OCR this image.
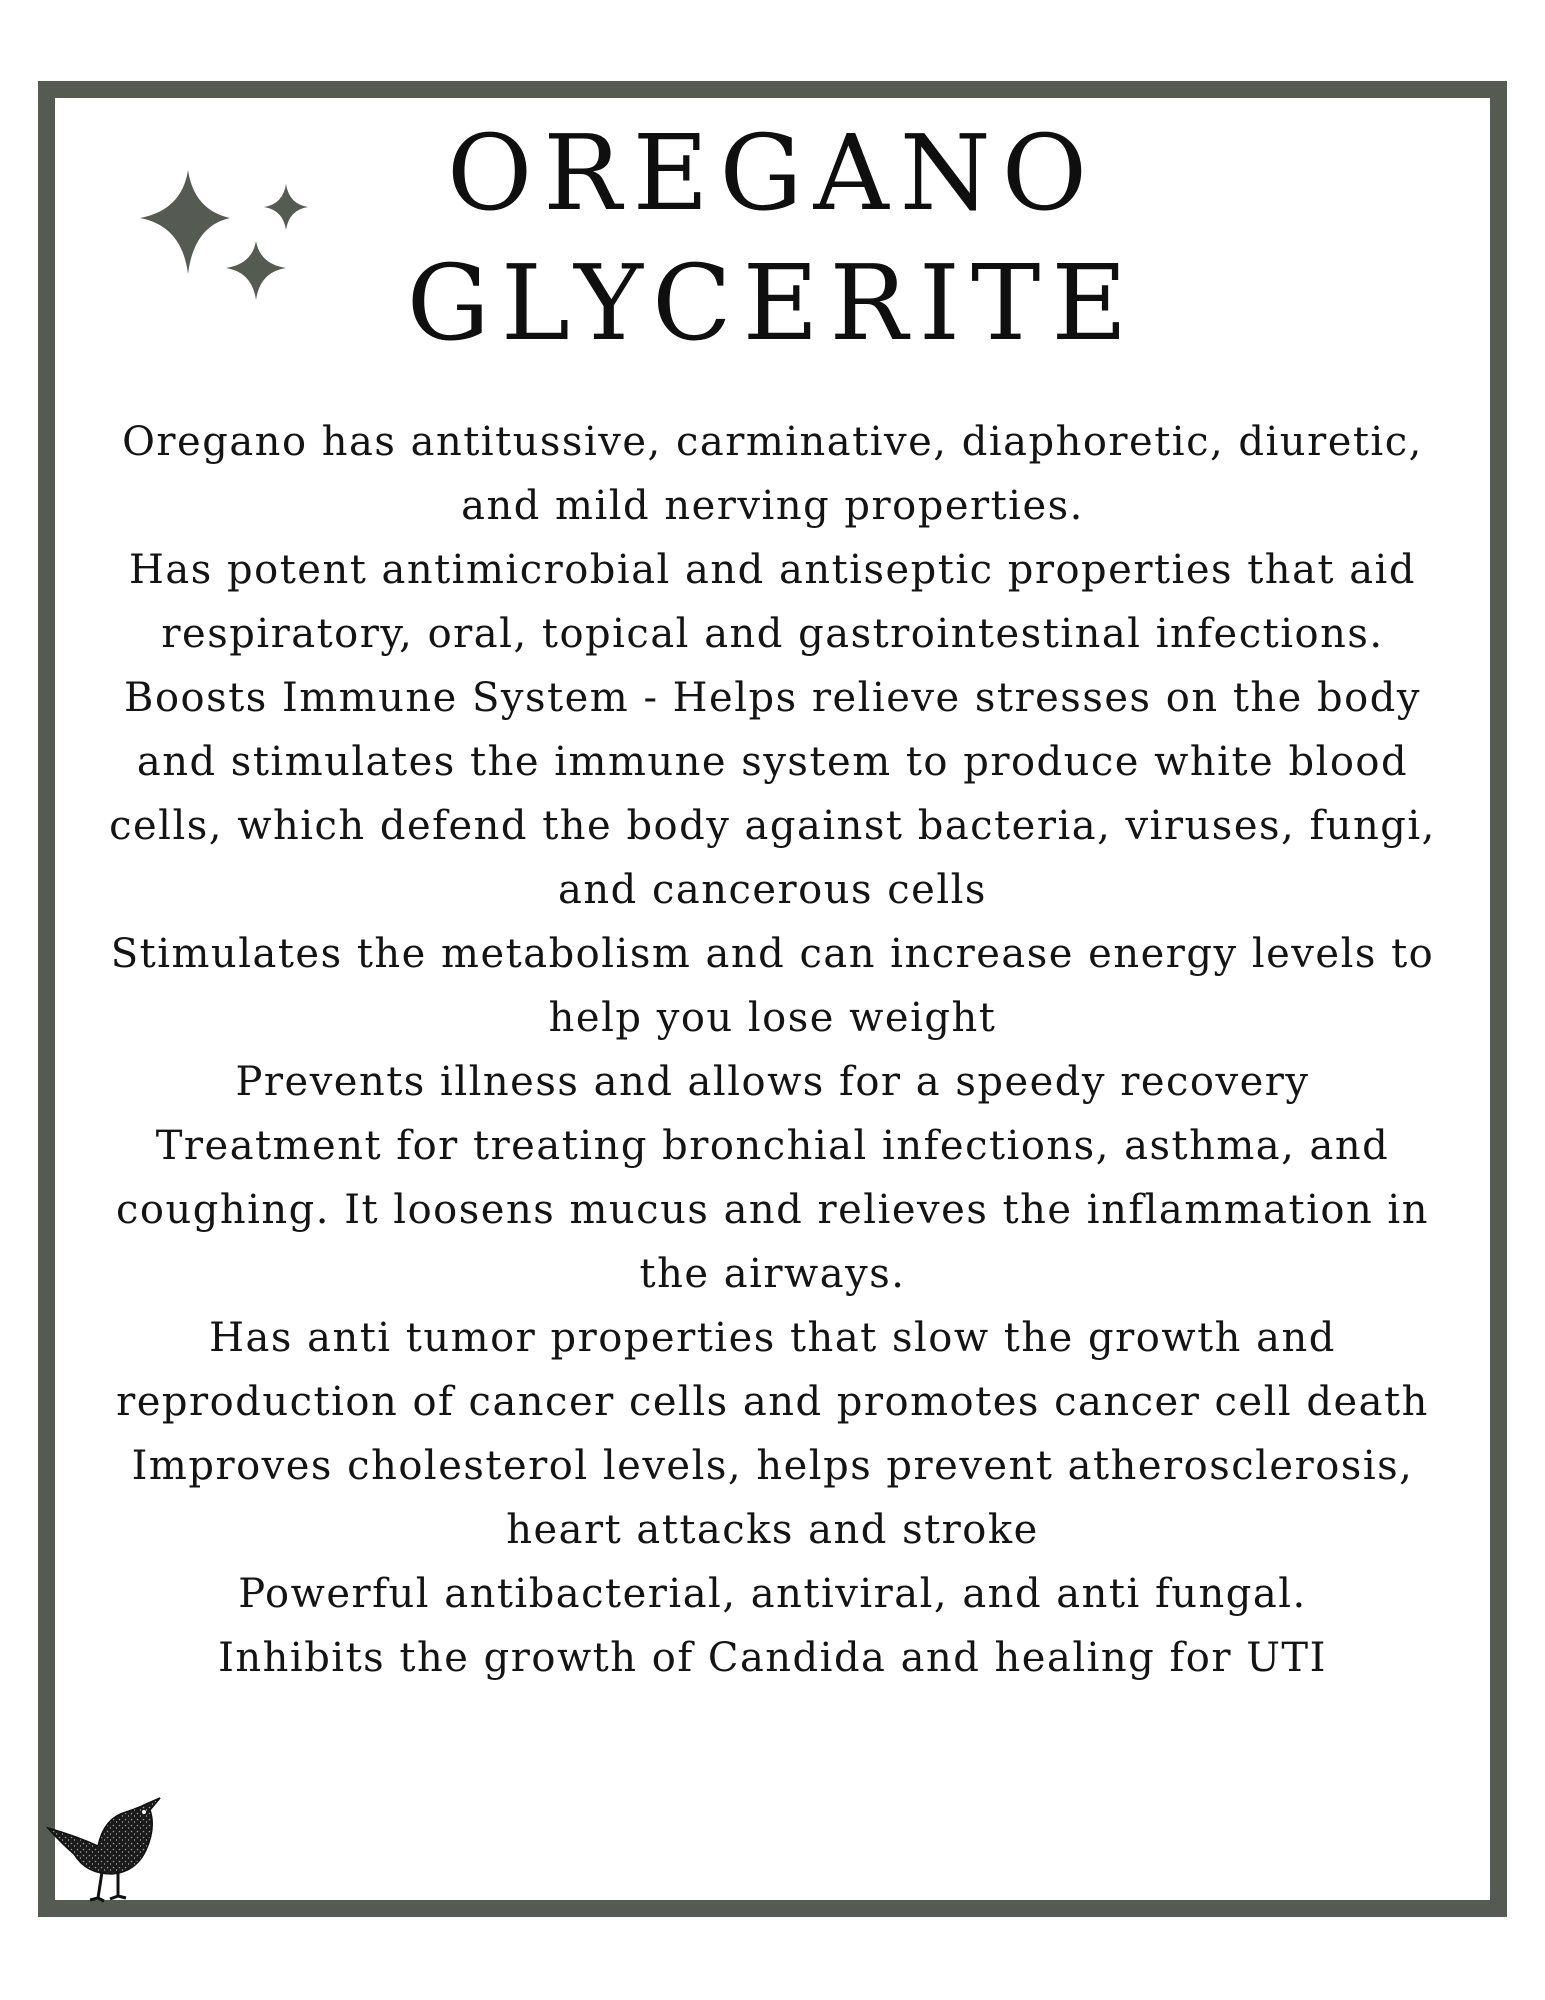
OREGANO
GLYCERITE
Oregano has antitussive, carminative, diaphoretic, diuretic, and mild nerving properties.
Has potent antimicrobial and antiseptic properties that aid respiratory, oral, topical and gastrointestinal infections.
Boosts Immune System - Helps relieve stresses on the body and stimulates the immune system to produce white blood cells, which defend the body against bacteria, viruses, fungi, and cancerous cells
Stimulates the metabolism and can increase energy levels to help you lose weight
Prevents illness and allows for a speedy recovery
Treatment for treating bronchial infections, asthma, and coughing. It loosens mucus and relieves the inflammation in the airways.
Has anti tumor properties that slow the growth and reproduction of cancer cells and promotes cancer cell death
Improves cholesterol levels, helps prevent atherosclerosis, heart attacks and stroke
Powerful antibacterial, antiviral, and anti fungal.
Inhibits the growth of Candida and healing for UTI
